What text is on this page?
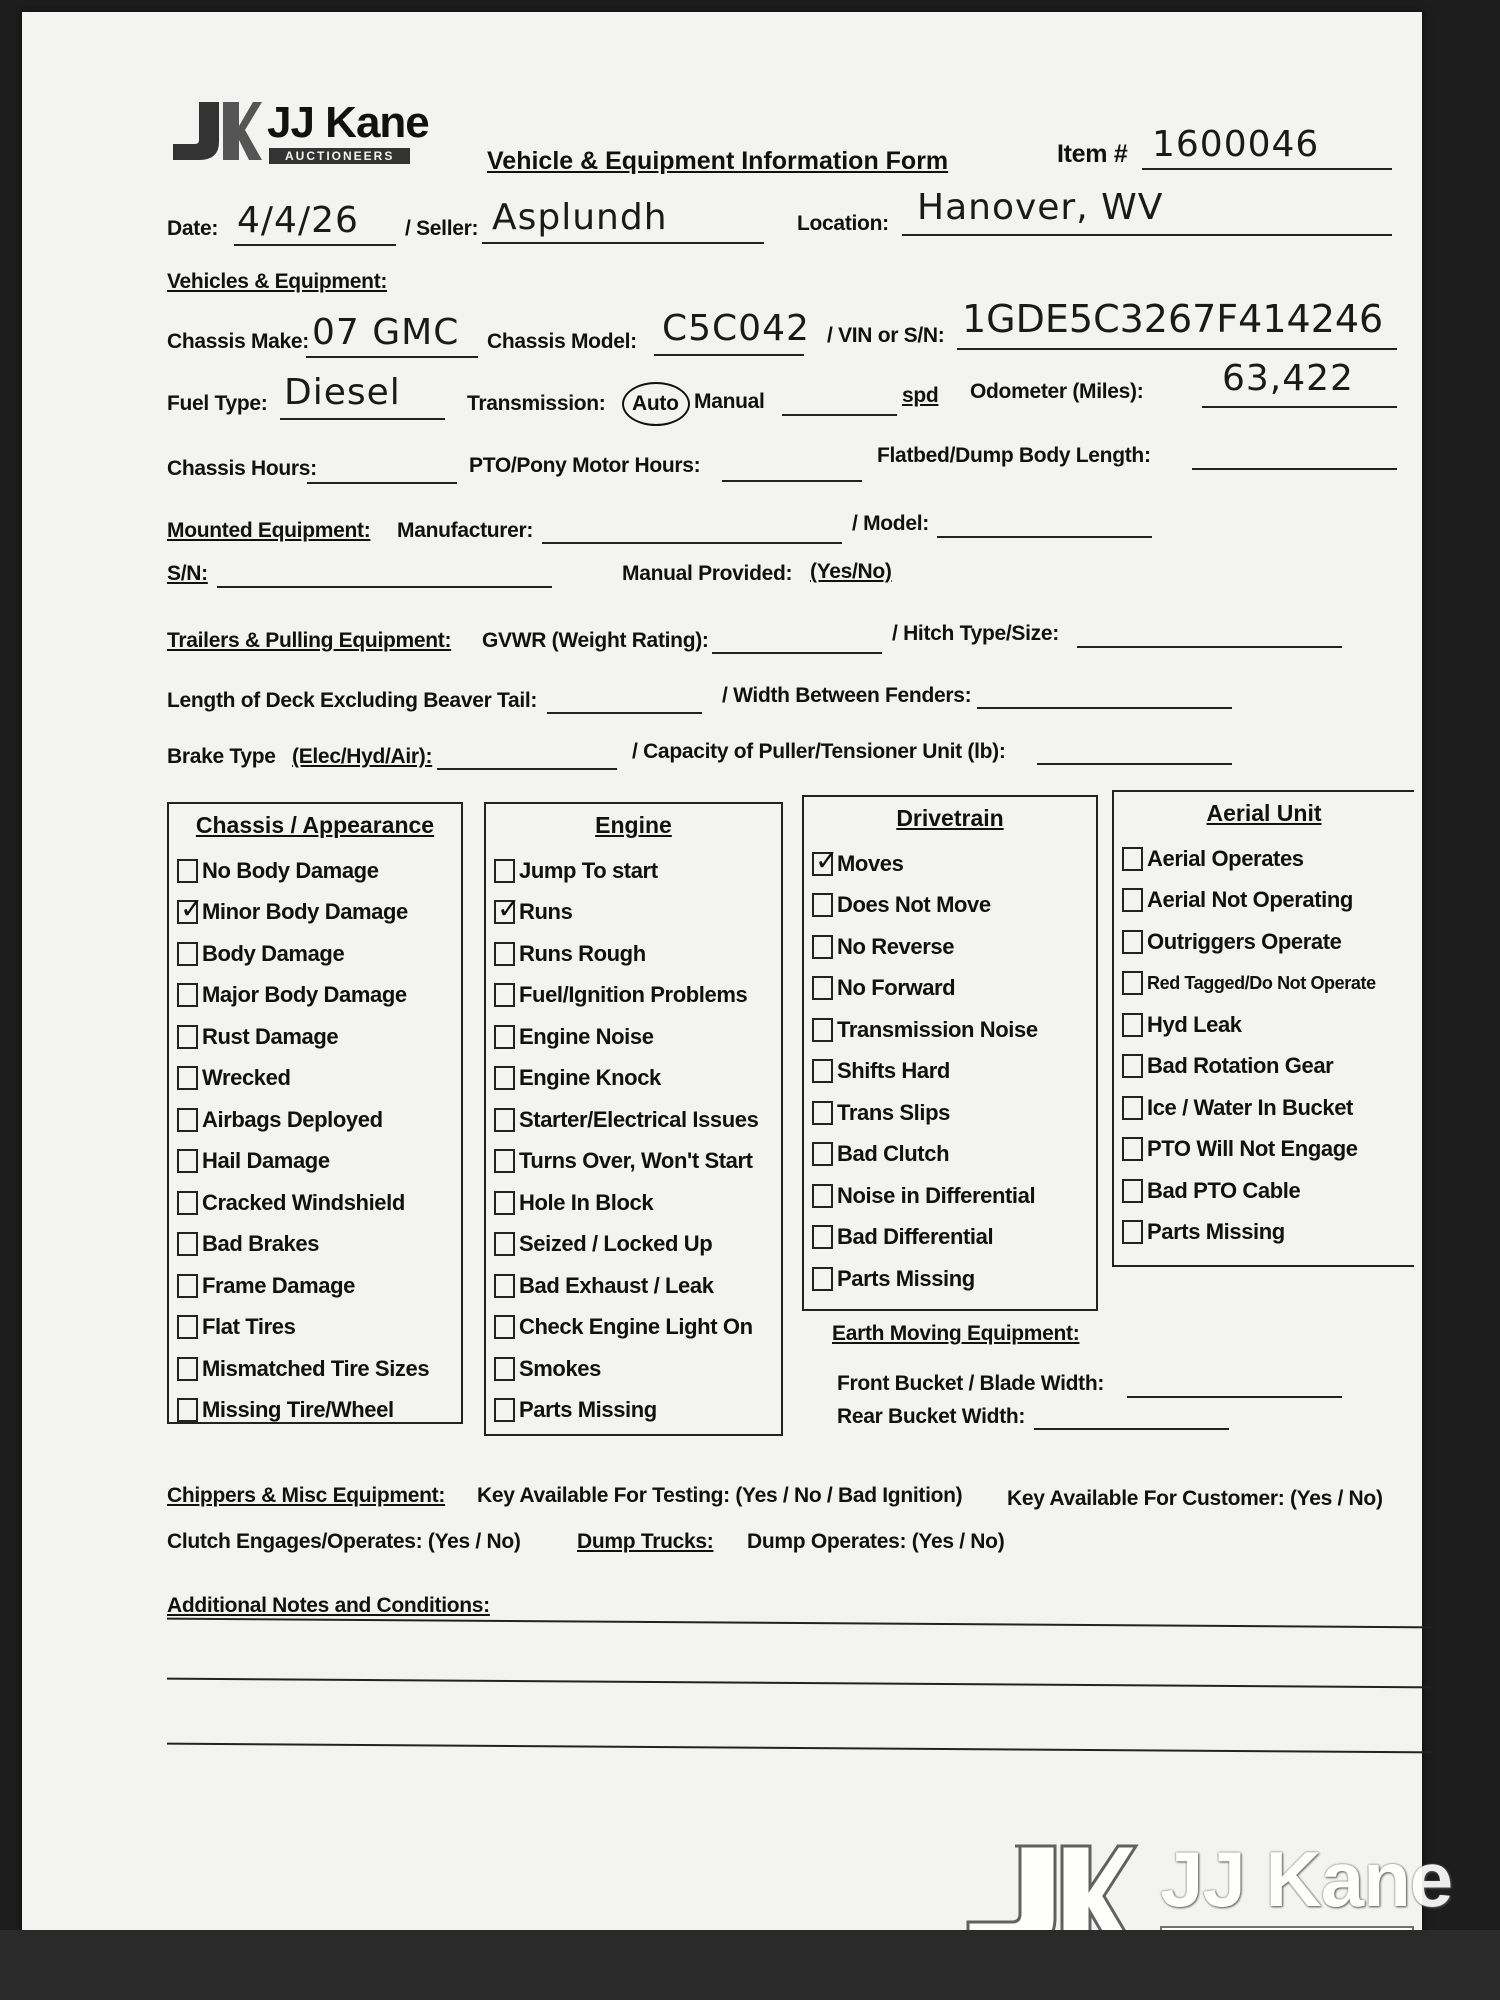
JJ Kane
AUCTIONEERS	Vehicle & Equipment Information Form	Item # 1600046
Date: 4/4/26 / Seller: Asplundh	Location: Hanover, WV
Vehicles & Equipment:
Chassis Make: 07 GMC Chassis Model: C5C042 / VIN or S/N: 1GDE5C3267F414246
Fuel Type: Diesel	Transmission: Auto Manual	spd Odometer (Miles): 63,422
Chassis Hours:	PTO/Pony Motor Hours:	Flatbed/Dump Body Length:
Mounted Equipment: Manufacturer:	/ Model:
S/N:	Manual Provided: (Yes/No)
Trailers & Pulling Equipment: GVWR (Weight Rating):	/ Hitch Type/Size:
Length of Deck Excluding Beaver Tail:	/ Width Between Fenders:
Brake Type (Elec/Hyd/Air):	/ Capacity of Puller/Tensioner Unit (lb):
Chassis / Appearance
No Body Damage
✓
Minor Body Damage
Body Damage
Major Body Damage
Rust Damage
Wrecked
Airbags Deployed
Hail Damage
Cracked Windshield
Bad Brakes
Frame Damage
Flat Tires
Mismatched Tire Sizes
Missing Tire/Wheel
Engine
Jump To start
✓
Runs
Runs Rough
Fuel/Ignition Problems
Engine Noise
Engine Knock
Starter/Electrical Issues
Turns Over, Won't Start
Hole In Block
Seized / Locked Up
Bad Exhaust / Leak
Check Engine Light On
Smokes
Parts Missing
Drivetrain
✓
Moves
Does Not Move
No Reverse
No Forward
Transmission Noise
Shifts Hard
Trans Slips
Bad Clutch
Noise in Differential
Bad Differential
Parts Missing
Aerial Unit
Aerial Operates
Aerial Not Operating
Outriggers Operate
Red Tagged/Do Not Operate
Hyd Leak
Bad Rotation Gear
Ice / Water In Bucket
PTO Will Not Engage
Bad PTO Cable
Parts Missing
Earth Moving Equipment:
Front Bucket / Blade Width:
Rear Bucket Width:
Chippers & Misc Equipment: Key Available For Testing: (Yes / No / Bad Ignition) Key Available For Customer: (Yes / No)
Clutch Engages/Operates: (Yes / No)	Dump Trucks: Dump Operates: (Yes / No)
Additional Notes and Conditions:
JJ Kane
